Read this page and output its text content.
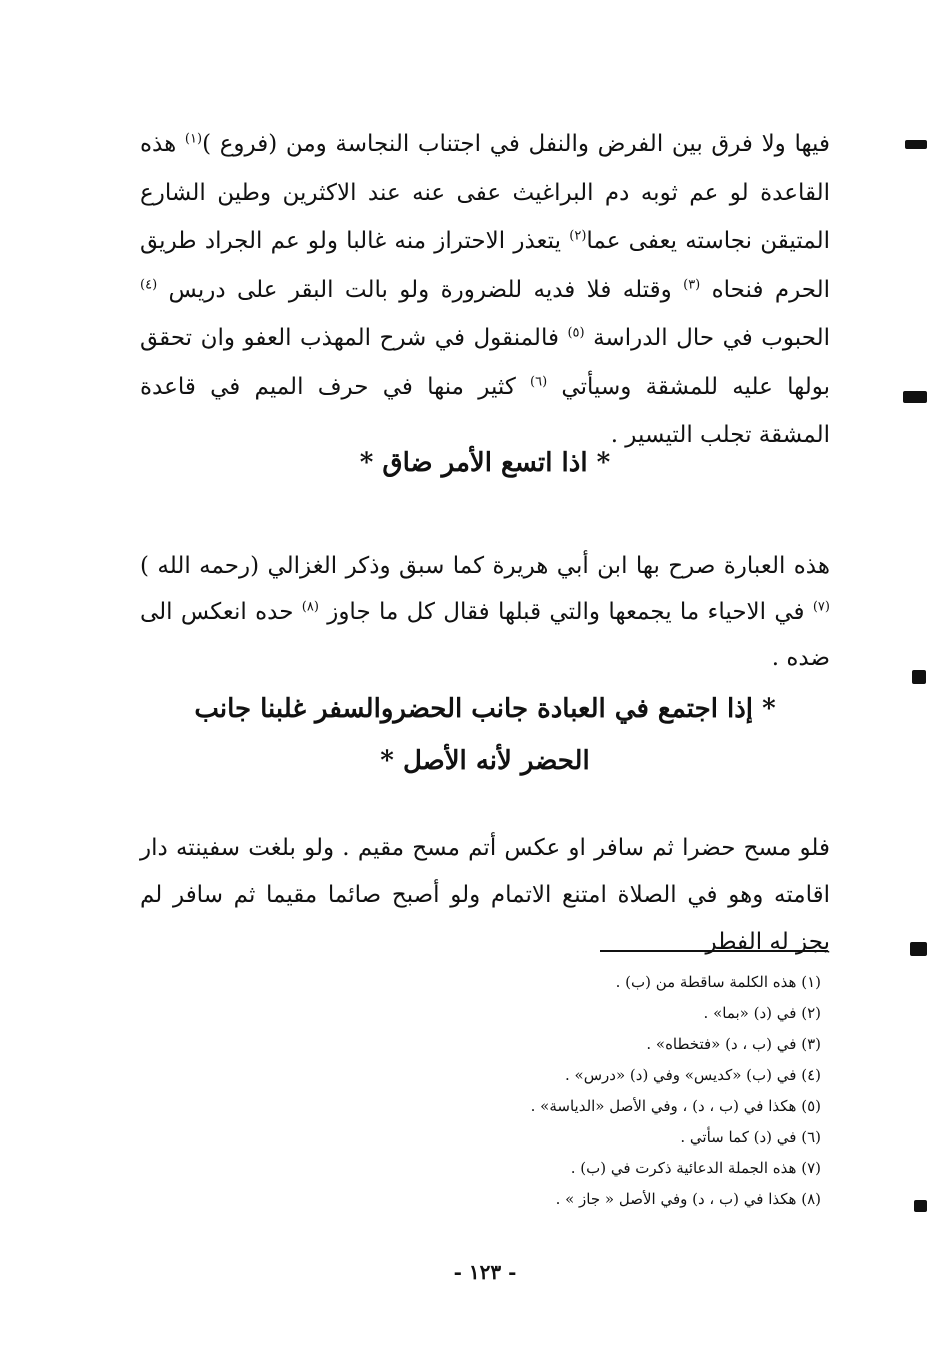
فيها ولا فرق بين الفرض والنفل في اجتناب النجاسة ومن (فروع )$^{(١)}$ هذه القاعدة لو عم ثوبه دم البراغيث عفى عنه عند الاكثرين وطين الشارع المتيقن نجاسته يعفى عما$^{(٢)}$ يتعذر الاحتراز منه غالبا ولو عم الجراد طريق الحرم فنحاه $^{(٣)}$ وقتله فلا فديه للضرورة ولو بالت البقر على دريس $^{(٤)}$ الحبوب في حال الدراسة $^{(٥)}$ فالمنقول في شرح المهذب العفو وان تحقق بولها عليه للمشقة وسيأتي $^{(٦)}$ كثير منها في حرف الميم في قاعدة المشقة تجلب التيسير .

* اذا اتسع الأمر ضاق *

هذه العبارة صرح بها ابن أبي هريرة كما سبق وذكر الغزالي (رحمه الله )$^{(٧)}$ في الاحياء ما يجمعها والتي قبلها فقال كل ما جاوز $^{(٨)}$ حده انعكس الى ضده .

* إذا اجتمع في العبادة جانب الحضروالسفر غلبنا جانب
الحضر لأنه الأصل *

فلو مسح حضرا ثم سافر او عكس أتم مسح مقيم . ولو بلغت سفينته دار اقامته وهو في الصلاة امتنع الاتمام ولو أصبح صائما مقيما ثم سافر لم يجز له الفطر

(١) هذه الكلمة ساقطة من (ب) .
(٢) في (د) «بما» .
(٣) في (ب ، د) «فتخطاه» .
(٤) في (ب) «كديس» وفي (د) «درس» .
(٥) هكذا في (ب ، د) ، وفي الأصل «الدياسة» .
(٦) في (د) كما سأتي .
(٧) هذه الجملة الدعائية ذكرت في (ب) .
(٨) هكذا في (ب ، د) وفي الأصل « جاز » .
- ١٢٣ -
